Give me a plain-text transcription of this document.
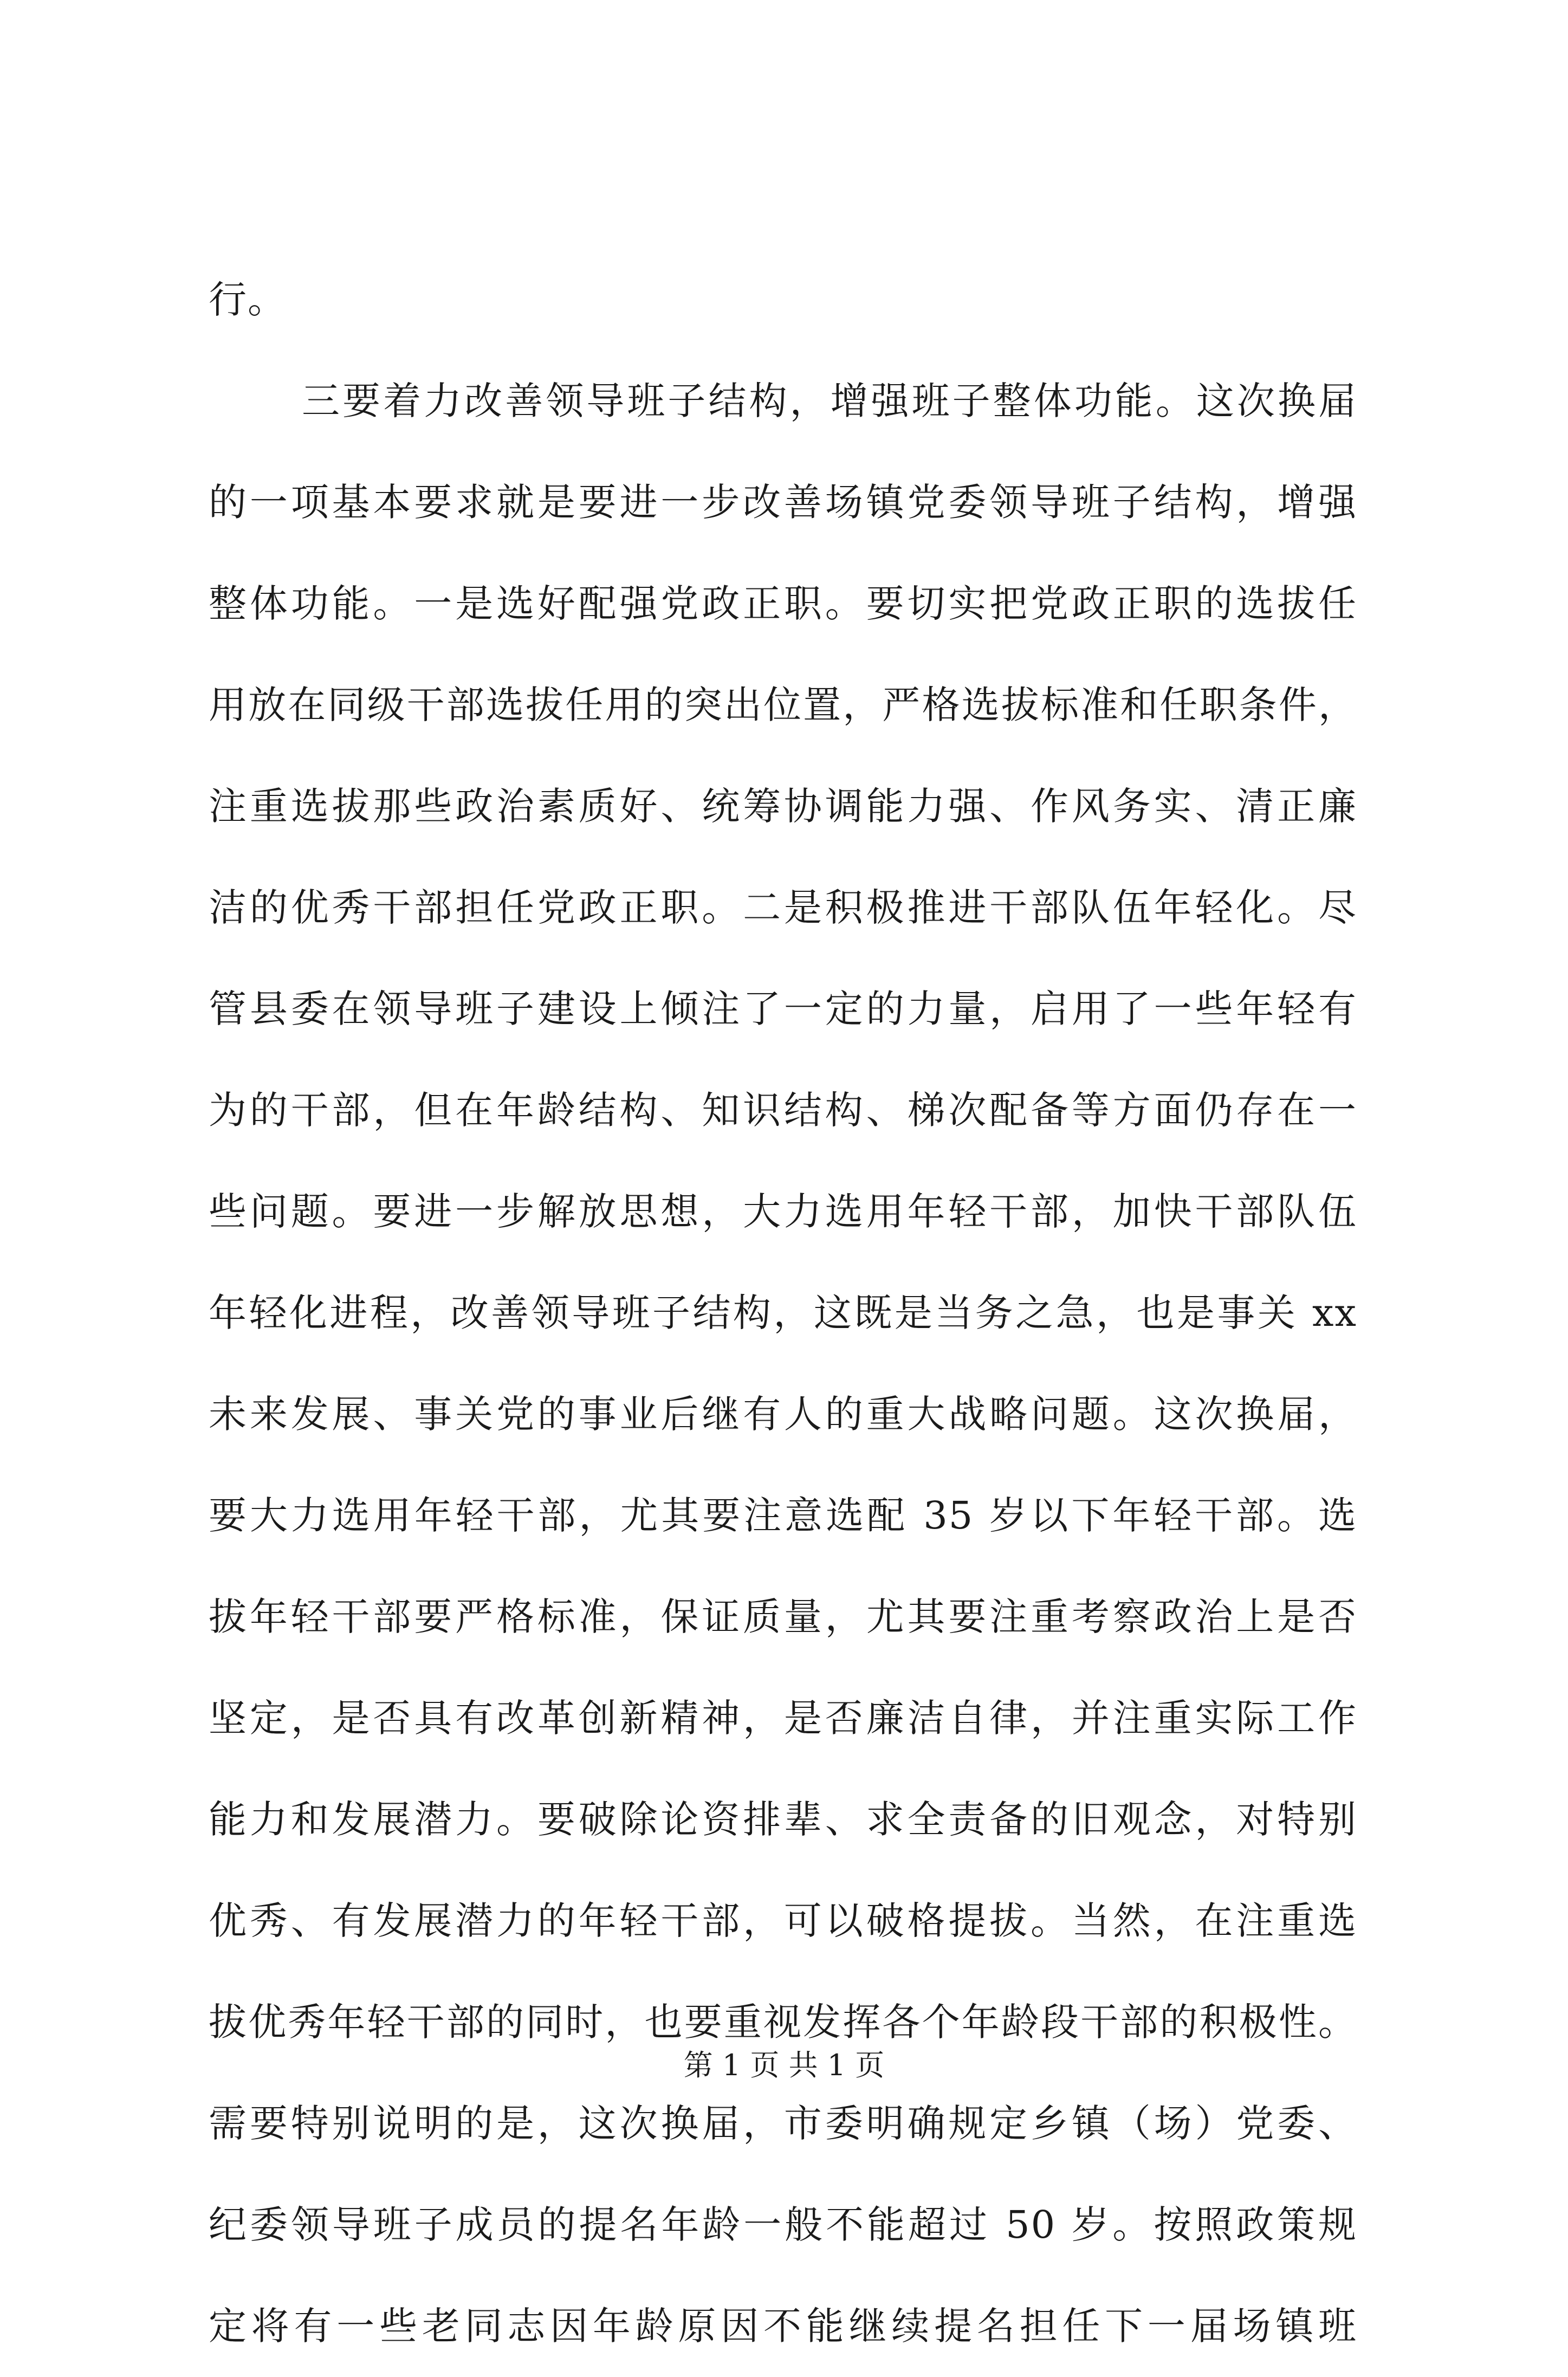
行。
三要着力改善领导班子结构，增强班子整体功能。这次换届
的一项基本要求就是要进一步改善场镇党委领导班子结构，增强
整体功能。一是选好配强党政正职。要切实把党政正职的选拔任
用放在同级干部选拔任用的突出位置，严格选拔标准和任职条件，
注重选拔那些政治素质好、统筹协调能力强、作风务实、清正廉
洁的优秀干部担任党政正职。二是积极推进干部队伍年轻化。尽
管县委在领导班子建设上倾注了一定的力量，启用了一些年轻有
为的干部，但在年龄结构、知识结构、梯次配备等方面仍存在一
些问题。要进一步解放思想，大力选用年轻干部，加快干部队伍
年轻化进程，改善领导班子结构，这既是当务之急，也是事关 xx
未来发展、事关党的事业后继有人的重大战略问题。这次换届，
要大力选用年轻干部，尤其要注意选配 35 岁以下年轻干部。选
拔年轻干部要严格标准，保证质量，尤其要注重考察政治上是否
坚定，是否具有改革创新精神，是否廉洁自律，并注重实际工作
能力和发展潜力。要破除论资排辈、求全责备的旧观念，对特别
优秀、有发展潜力的年轻干部，可以破格提拔。当然，在注重选
拔优秀年轻干部的同时，也要重视发挥各个年龄段干部的积极性。
需要特别说明的是，这次换届，市委明确规定乡镇（场）党委、
纪委领导班子成员的提名年龄一般不能超过 50 岁。按照政策规
定将有一些老同志因年龄原因不能继续提名担任下一届场镇班
第 1 页 共 1 页
